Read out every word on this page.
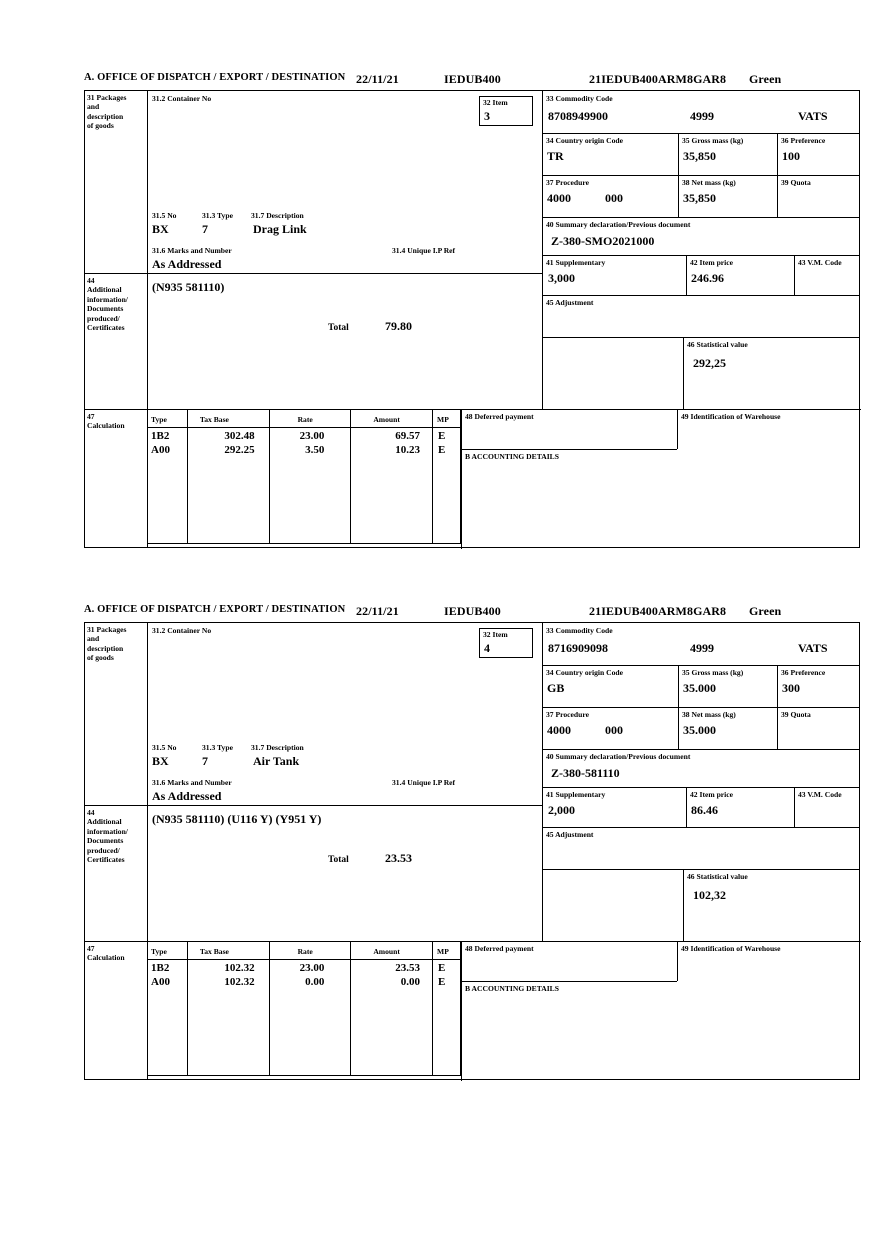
A. OFFICE OF DISPATCH / EXPORT / DESTINATION 22/11/21	IEDUB400	21IEDUB400ARM8GAR8 Green
31 Packages
and
description
of goods
31.2 Container No	32 Item
3
31.5 No	31.3 Type 31.7 Description
BX	7	Drag Link
31.6 Marks and Number	31.4 Unique I.P Ref
As Addressed
44
Additional
information/
Documents
produced/
Certificates
(N935 581110)
33 Commodity Code
8708949900	4999	VATS
34 Country origin Code
TR
35 Gross mass (kg)
35,850
36 Preference
100
37 Procedure
4000	000
38 Net mass (kg)
35,850
39 Quota
40 Summary declaration/Previous document
Z-380-SMO2021000
41 Supplementary
3,000
42 Item price
246.96
43 V.M. Code
45 Adjustment
46 Statistical value
292,25
47
Calculation
Type	Tax Base	Rate	Amount	MP

1B2	302.48	23.00	69.57	E

A00	292.25	3.50	10.23	E
Total	79.80
48 Deferred payment	49 Identification of Warehouse
B ACCOUNTING DETAILS
A. OFFICE OF DISPATCH / EXPORT / DESTINATION 22/11/21	IEDUB400	21IEDUB400ARM8GAR8 Green
31 Packages
and
description
of goods
31.2 Container No	32 Item
4
31.5 No	31.3 Type 31.7 Description
BX	7	Air Tank
31.6 Marks and Number	31.4 Unique I.P Ref
As Addressed
44
Additional
information/
Documents
produced/
Certificates
(N935 581110) (U116 Y) (Y951 Y)
33 Commodity Code
8716909098	4999	VATS
34 Country origin Code
GB
35 Gross mass (kg)
35.000
36 Preference
300
37 Procedure
4000	000
38 Net mass (kg)
35.000
39 Quota
40 Summary declaration/Previous document
Z-380-581110
41 Supplementary
2,000
42 Item price
86.46
43 V.M. Code
45 Adjustment
46 Statistical value
102,32
47
Calculation
Type	Tax Base	Rate	Amount	MP

1B2	102.32	23.00	23.53	E

A00	102.32	0.00	0.00	E
Total	23.53
48 Deferred payment	49 Identification of Warehouse
B ACCOUNTING DETAILS
